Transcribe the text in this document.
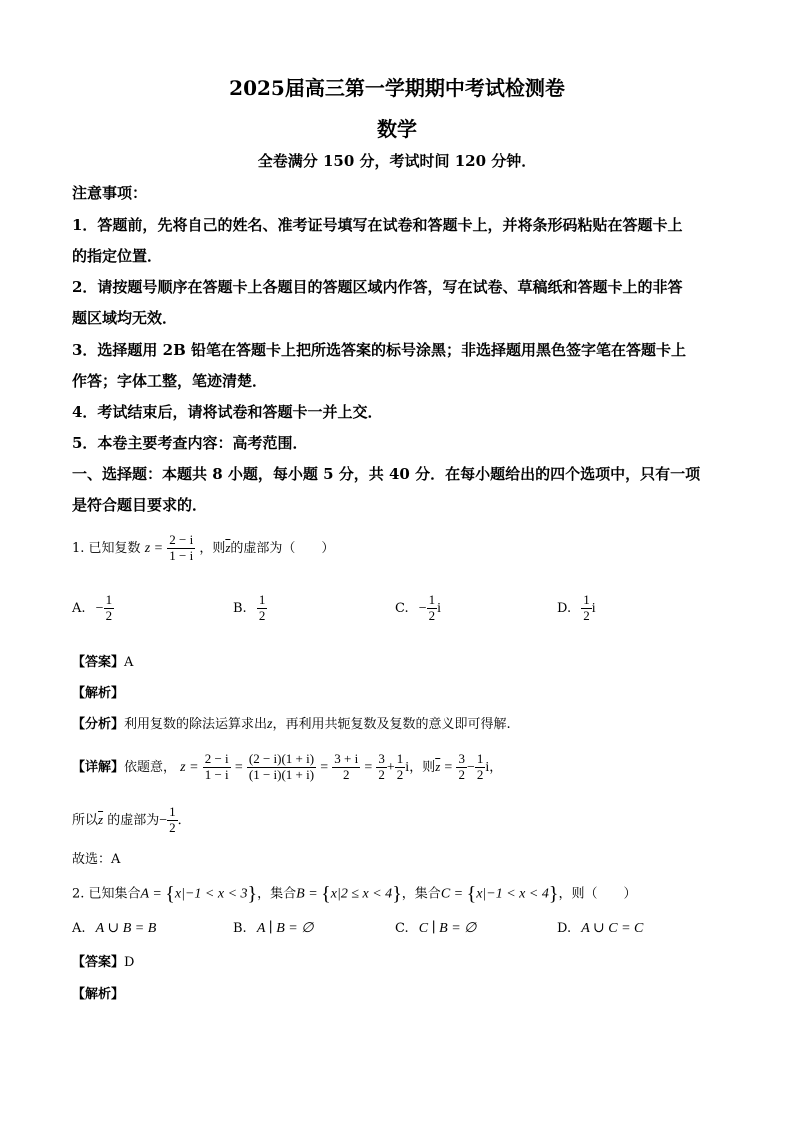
2025届高三第一学期期中考试检测卷
数学
全卷满分 150 分，考试时间 120 分钟．
注意事项：
1．答题前，先将自己的姓名、准考证号填写在试卷和答题卡上，并将条形码粘贴在答题卡上
的指定位置．
2．请按题号顺序在答题卡上各题目的答题区域内作答，写在试卷、草稿纸和答题卡上的非答
题区域均无效．
3．选择题用 2B 铅笔在答题卡上把所选答案的标号涂黑；非选择题用黑色签字笔在答题卡上
作答；字体工整，笔迹清楚．
4．考试结束后，请将试卷和答题卡一并上交．
5．本卷主要考查内容：高考范围．
一、选择题：本题共 8 小题，每小题 5 分，共 40 分．在每小题给出的四个选项中，只有一项
是符合题目要求的．
1. 已知复数 $z = \frac{2 - i}{1 - i}$ ，则$\overline{z}$的虚部为（　　）
A. − $\frac{1}{2}$	B. $\frac{1}{2}$	C. − $\frac{1}{2}$ i	D. $\frac{1}{2}$ i
【答案】A
【解析】
【分析】利用复数的除法运算求出z，再利用共轭复数及复数的意义即可得解.
【详解】依题意， $z = \frac{2 - i}{1 - i} = \frac{(2 - i)(1 + i)}{(1 - i)(1 + i)} = \frac{3 + i}{2} = \frac{3}{2} + \frac{1}{2}$ i，则$\overline{z} = \frac{3}{2} - \frac{1}{2}$ i，
所以$\overline{z}$ 的虚部为− $\frac{1}{2}$ ．
故选：A
2. 已知集合A = {x|−1 < x < 3}，集合B = {x|2 ≤ x < 4}，集合C = {x|−1 < x < 4}，则（　　）
A. A ∪ B = B	B. A ∣ B = ∅	C. C ∣ B = ∅	D. A ∪ C = C
【答案】D
【解析】
